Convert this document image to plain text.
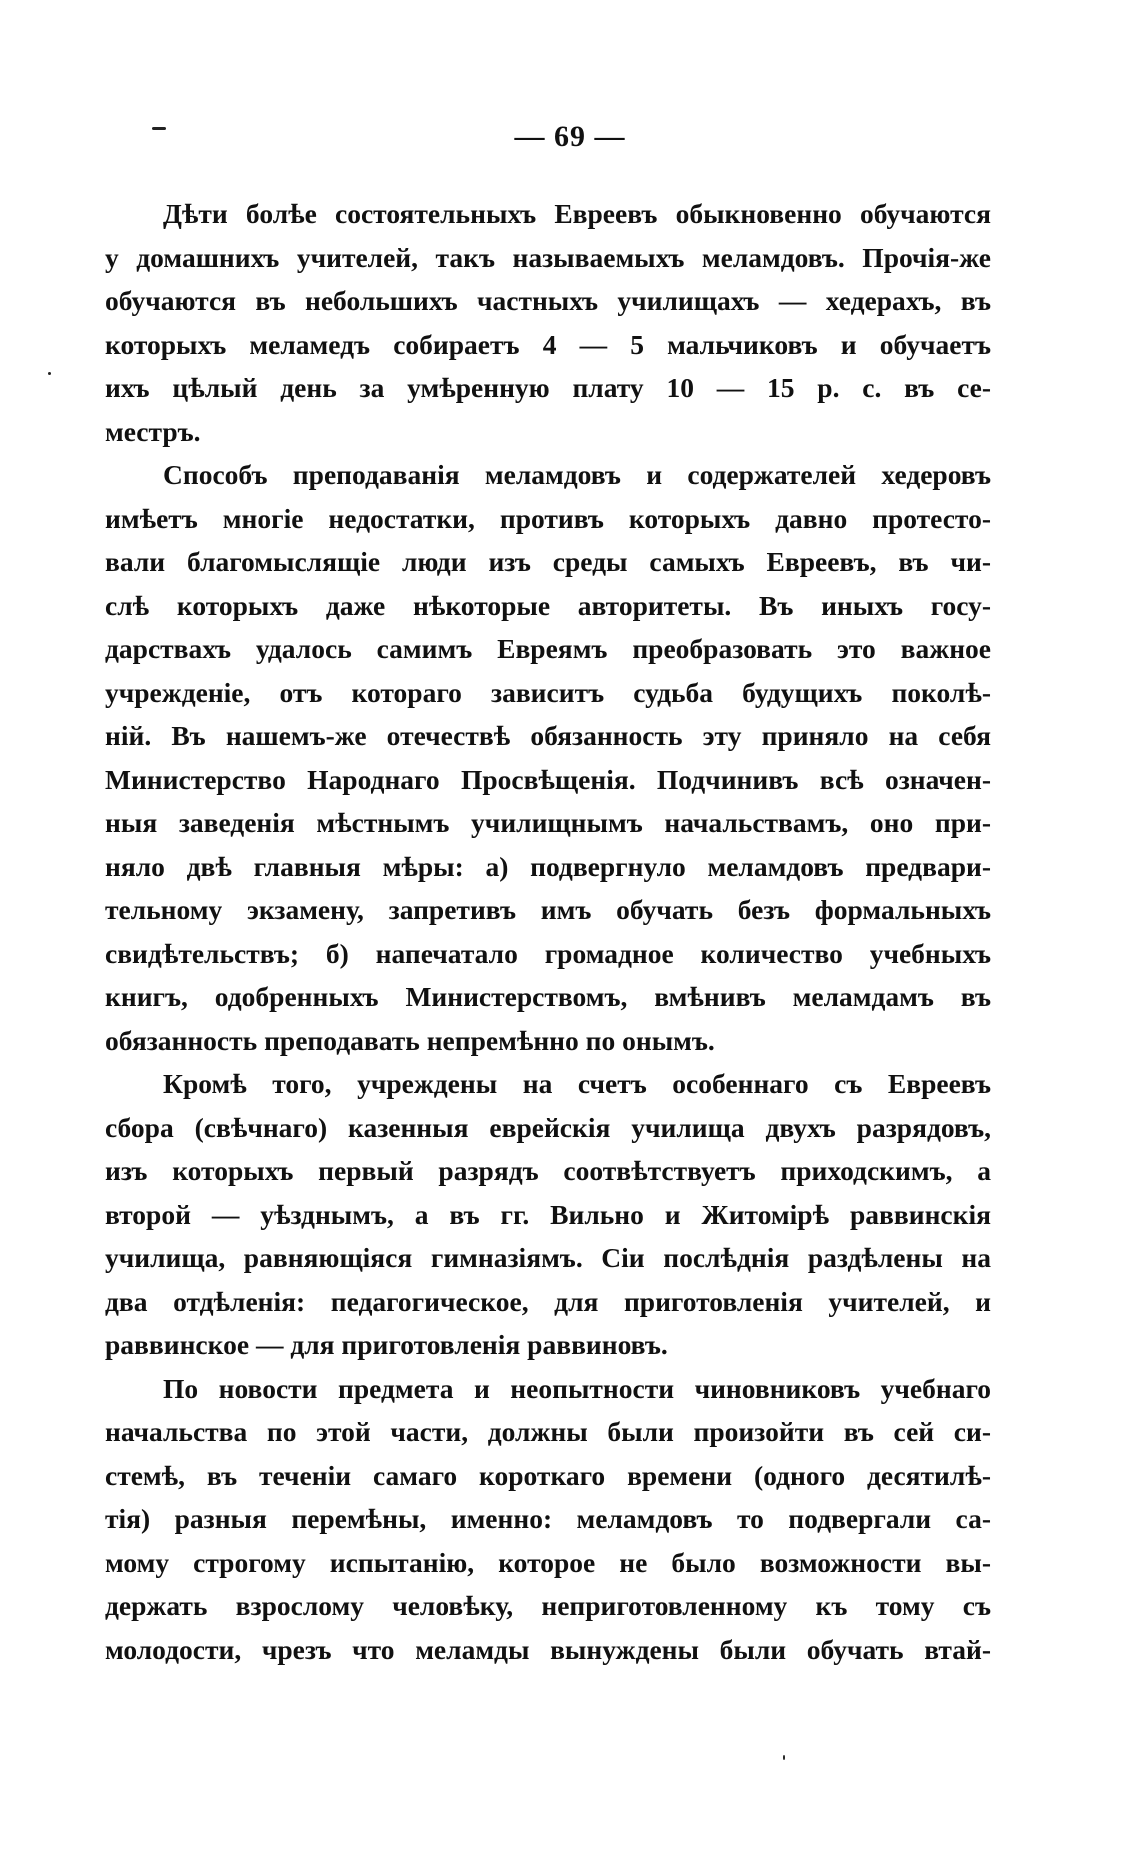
— 69 —
Дѣти болѣе состоятельныхъ Евреевъ обыкновенно обучаются
у домашнихъ учителей, такъ называемыхъ меламдовъ. Прочія-же
обучаются въ небольшихъ частныхъ училищахъ — хедерахъ, въ
которыхъ меламедъ собираетъ 4 — 5 мальчиковъ и обучаетъ
ихъ цѣлый день за умѣренную плату 10 — 15 р. с. въ се-
местръ.
Способъ преподаванія меламдовъ и содержателей хедеровъ
имѣетъ многіе недостатки, противъ которыхъ давно протесто-
вали благомыслящіе люди изъ среды самыхъ Евреевъ, въ чи-
слѣ которыхъ даже нѣкоторые авторитеты. Въ иныхъ госу-
дарствахъ удалось самимъ Евреямъ преобразовать это важное
учрежденіе, отъ котораго зависитъ судьба будущихъ поколѣ-
ній. Въ нашемъ-же отечествѣ обязанность эту приняло на себя
Министерство Народнаго Просвѣщенія. Подчинивъ всѣ означен-
ныя заведенія мѣстнымъ училищнымъ начальствамъ, оно при-
няло двѣ главныя мѣры: а) подвергнуло меламдовъ предвари-
тельному экзамену, запретивъ имъ обучать безъ формальныхъ
свидѣтельствъ; б) напечатало громадное количество учебныхъ
книгъ, одобренныхъ Министерствомъ, вмѣнивъ меламдамъ въ
обязанность преподавать непремѣнно по онымъ.
Кромѣ того, учреждены на счетъ особеннаго съ Евреевъ
сбора (свѣчнаго) казенныя еврейскія училища двухъ разрядовъ,
изъ которыхъ первый разрядъ соотвѣтствуетъ приходскимъ, а
второй — уѣзднымъ, а въ гг. Вильно и Житомірѣ раввинскія
училища, равняющіяся гимназіямъ. Сіи послѣднія раздѣлены на
два отдѣленія: педагогическое, для приготовленія учителей, и
раввинское — для приготовленія раввиновъ.
По новости предмета и неопытности чиновниковъ учебнаго
начальства по этой части, должны были произойти въ сей си-
стемѣ, въ теченіи самаго короткаго времени (одного десятилѣ-
тія) разныя перемѣны, именно: меламдовъ то подвергали са-
мому строгому испытанію, которое не было возможности вы-
держать взрослому человѣку, неприготовленному къ тому съ
молодости, чрезъ что меламды вынуждены были обучать втай-
